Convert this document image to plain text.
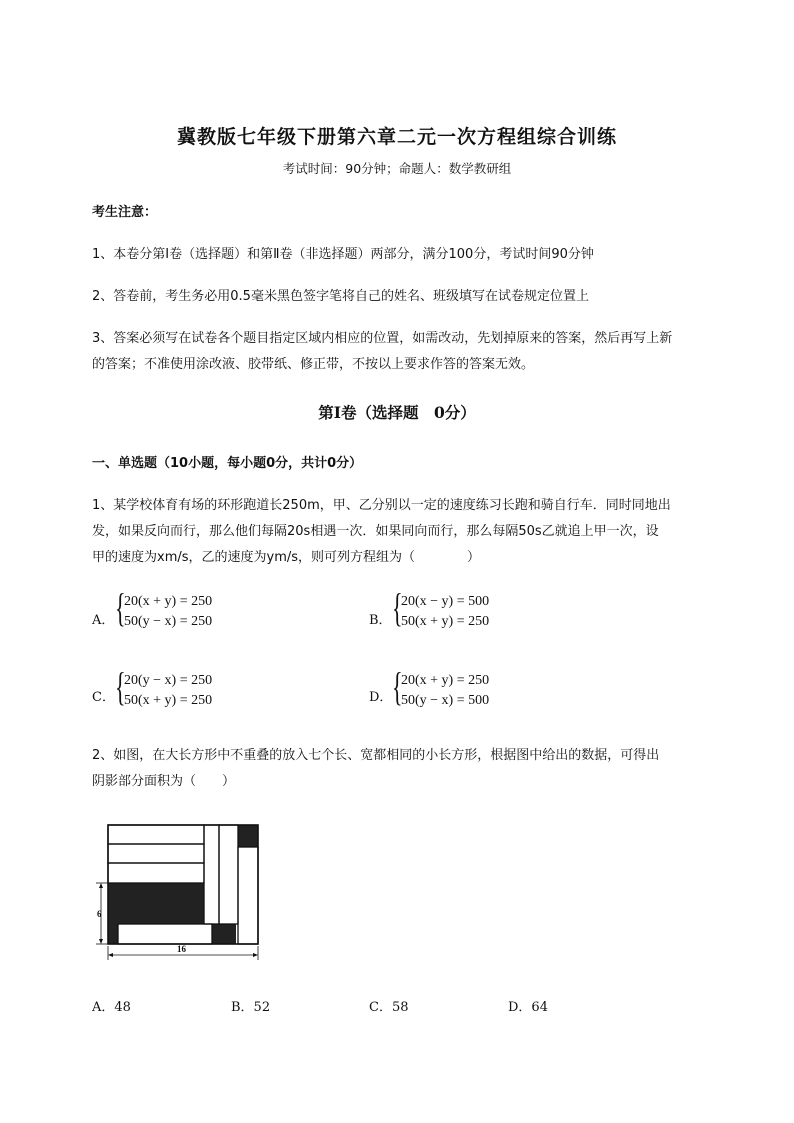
冀教版七年级下册第六章二元一次方程组综合训练
考试时间：90分钟；命题人：数学教研组
考生注意：
1、本卷分第Ⅰ卷（选择题）和第Ⅱ卷（非选择题）两部分，满分100分，考试时间90分钟
2、答卷前，考生务必用0.5毫米黑色签字笔将自己的姓名、班级填写在试卷规定位置上
3、答案必须写在试卷各个题目指定区域内相应的位置，如需改动，先划掉原来的答案，然后再写上新
的答案；不准使用涂改液、胶带纸、修正带，不按以上要求作答的答案无效。
第Ⅰ卷（选择题　0分）
一、单选题（10小题，每小题0分，共计0分）
1、某学校体育有场的环形跑道长250m，甲、乙分别以一定的速度练习长跑和骑自行车．同时同地出
发，如果反向而行，那么他们每隔20s相遇一次．如果同向而行，那么每隔50s乙就追上甲一次，设
甲的速度为xm/s，乙的速度为ym/s，则可列方程组为（　　　　）
A． {
20(x + y) = 250
50(y − x) = 250	B． {
20(x − y) = 500
50(x + y) = 250
C． {
20(y − x) = 250
50(x + y) = 250	D． {
20(x + y) = 250
50(y − x) = 500
2、如图，在大长方形中不重叠的放入七个长、宽都相同的小长方形，根据图中给出的数据，可得出
阴影部分面积为（　　）
6
16
A．48	B．52	C．58	D．64
